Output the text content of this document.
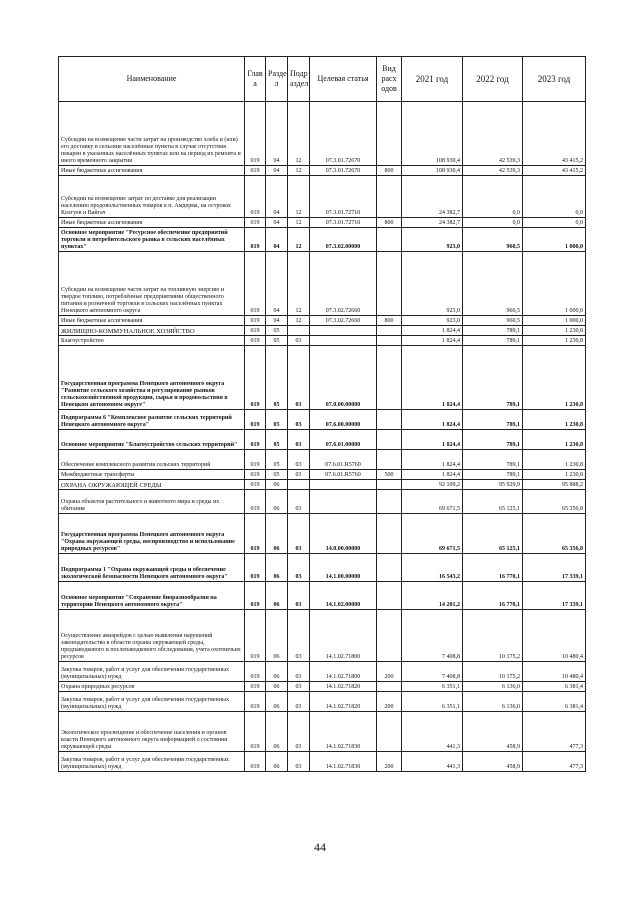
Наименование	Глав а	Разде л	Подр аздел	Целевая статья	Вид расх одов	2021 год	2022 год	2023 год
Субсидии на возмещение части затрат на производство хлеба и (или) его доставку в сельские населённые пункты в случае отсутствия пекарен в указанных населённых пунктах или на период их ремонта и иного временного закрытия	019	04	12	07.3.01.72670		108 930,4	42 539,3	43 415,2
Иные бюджетные ассигнования	019	04	12	07.3.01.72670	800	108 930,4	42 539,3	43 415,2
Субсидии на возмещение затрат по доставке для реализации населению продовольственных товаров в п. Амдерма, на островах Колгуев и Вайгач	019	04	12	07.3.01.72710		24 382,7	0,0	0,0
Иные бюджетные ассигнования	019	04	12	07.3.01.72710	800	24 382,7	0,0	0,0
Основное мероприятие "Ресурсное обеспечение предприятий торговли и потребительского рынка в сельских населённых пунктах"	019	04	12	07.3.02.00000		923,0	960,5	1 000,0
Субсидии на возмещение части затрат на топливную энергию и твердое топливо, потреблённые предприятиями общественного питания и розничной торговли в сельских населённых пунктах Ненецкого автономного округа	019	04	12	07.3.02.72660		923,0	960,5	1 000,0
Иные бюджетные ассигнования	019	04	12	07.3.02.72660	800	923,0	960,5	1 000,0
ЖИЛИЩНО-КОММУНАЛЬНОЕ ХОЗЯЙСТВО	019	05				1 824,4	789,1	1 230,8
Благоустройство	019	05	03			1 824,4	789,1	1 230,8
Государственная программа Ненецкого автономного округа "Развитие сельского хозяйства и регулирование рынков сельскохозяйственной продукции, сырья и продовольствия в Ненецком автономном округе"	019	05	03	07.0.00.00000		1 824,4	789,1	1 230,8
Подпрограмма 6 "Комплексное развитие сельских территорий Ненецкого автономного округа"	019	05	03	07.6.00.00000		1 824,4	789,1	1 230,8
Основное мероприятие "Благоустройство сельских территорий"	019	05	03	07.6.01.00000		1 824,4	789,1	1 230,8
Обеспечение комплексного развития сельских территорий	019	05	03	07.6.01.R5760		1 824,4	789,1	1 230,8
Межбюджетные трансферты	019	05	03	07.6.01.R5760	500	1 824,4	789,1	1 230,8
ОХРАНА ОКРУЖАЮЩЕЙ СРЕДЫ	019	06				92 109,2	95 929,9	95 888,2
Охрана объектов растительного и животного мира и среды их обитания	019	06	03			69 671,5	65 125,1	65 356,8
Государственная программа Ненецкого автономного округа "Охрана окружающей среды, воспроизводство и использование природных ресурсов"	019	06	03	14.0.00.00000		69 671,5	65 125,1	65 356,8
Подпрограмма 1 "Охрана окружающей среды и обеспечение экологической безопасности Ненецкого автономного округа"	019	06	03	14.1.00.00000		16 543,2	16 770,1	17 339,1
Основное мероприятие "Сохранение биоразнообразия на территории Ненецкого автономного округа"	019	06	03	14.1.02.00000		14 201,2	16 770,1	17 339,1
Осуществление авиарейдов с целью выявления нарушений законодательства в области охраны окружающей среды, предпаводкового и послепаводкового обследования, учета охотничьих ресурсов	019	06	03	14.1.02.71800		7 408,8	10 175,2	10 480,4
Закупка товаров, работ и услуг для обеспечения государственных (муниципальных) нужд	019	06	03	14.1.02.71800	200	7 408,8	10 175,2	10 480,4
Охрана природных ресурсов	019	06	03	14.1.02.71820		6 351,1	6 136,0	6 381,4
Закупка товаров, работ и услуг для обеспечения государственных (муниципальных) нужд	019	06	03	14.1.02.71820	200	6 351,1	6 136,0	6 381,4
Экологическое просвещение и обеспечение населения и органов власти Ненецкого автономного округа информацией о состоянии окружающей среды	019	06	03	14.1.02.71830		441,3	458,9	477,3
Закупка товаров, работ и услуг для обеспечения государственных (муниципальных) нужд	019	06	03	14.1.02.71830	200	441,3	458,9	477,3
44
